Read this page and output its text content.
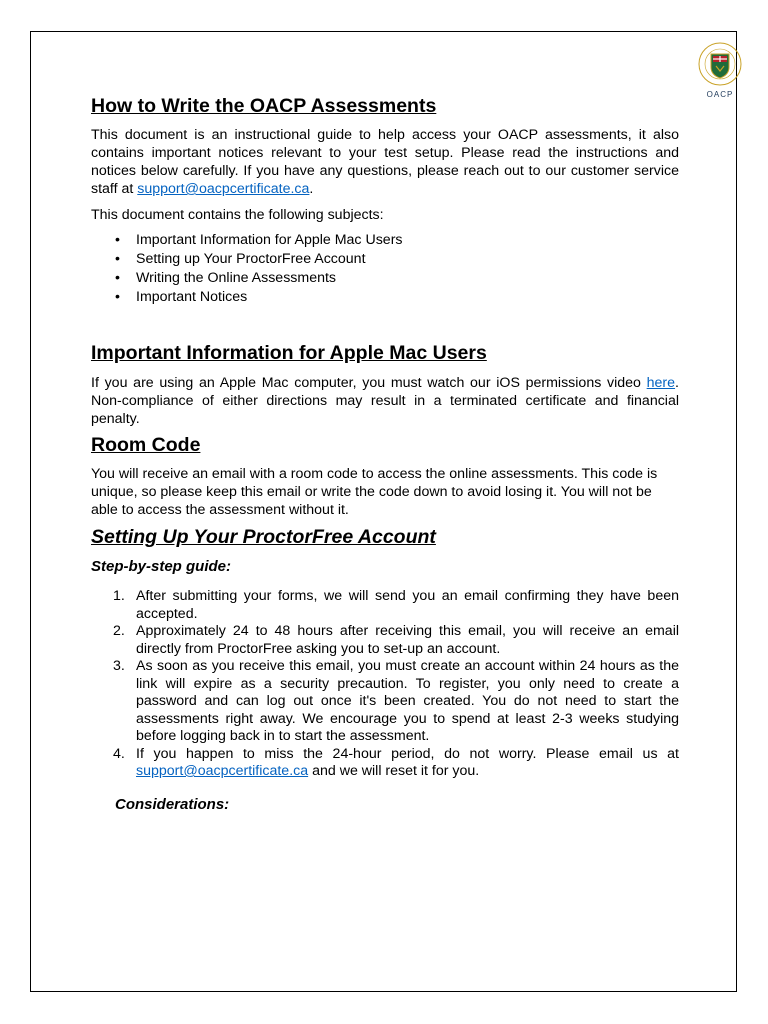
OACP
How to Write the OACP Assessments

This document is an instructional guide to help access your OACP assessments, it also contains important notices relevant to your test setup. Please read the instructions and notices below carefully. If you have any questions, please reach out to our customer service staff at support@oacpcertificate.ca.

This document contains the following subjects:

• Important Information for Apple Mac Users
• Setting up Your ProctorFree Account
• Writing the Online Assessments
• Important Notices
Important Information for Apple Mac Users

If you are using an Apple Mac computer, you must watch our iOS permissions video here. Non-compliance of either directions may result in a terminated certificate and financial penalty.

Room Code

You will receive an email with a room code to access the online assessments. This code is unique, so please keep this email or write the code down to avoid losing it. You will not be able to access the assessment without it.

Setting Up Your ProctorFree Account
Step-by-step guide:
1. After submitting your forms, we will send you an email confirming they have been accepted.
2. Approximately 24 to 48 hours after receiving this email, you will receive an email directly from ProctorFree asking you to set-up an account.
3. As soon as you receive this email, you must create an account within 24 hours as the link will expire as a security precaution. To register, you only need to create a password and can log out once it's been created. You do not need to start the assessments right away. We encourage you to spend at least 2-3 weeks studying before logging back in to start the assessment.
4. If you happen to miss the 24-hour period, do not worry. Please email us at support@oacpcertificate.ca and we will reset it for you.
Considerations:
